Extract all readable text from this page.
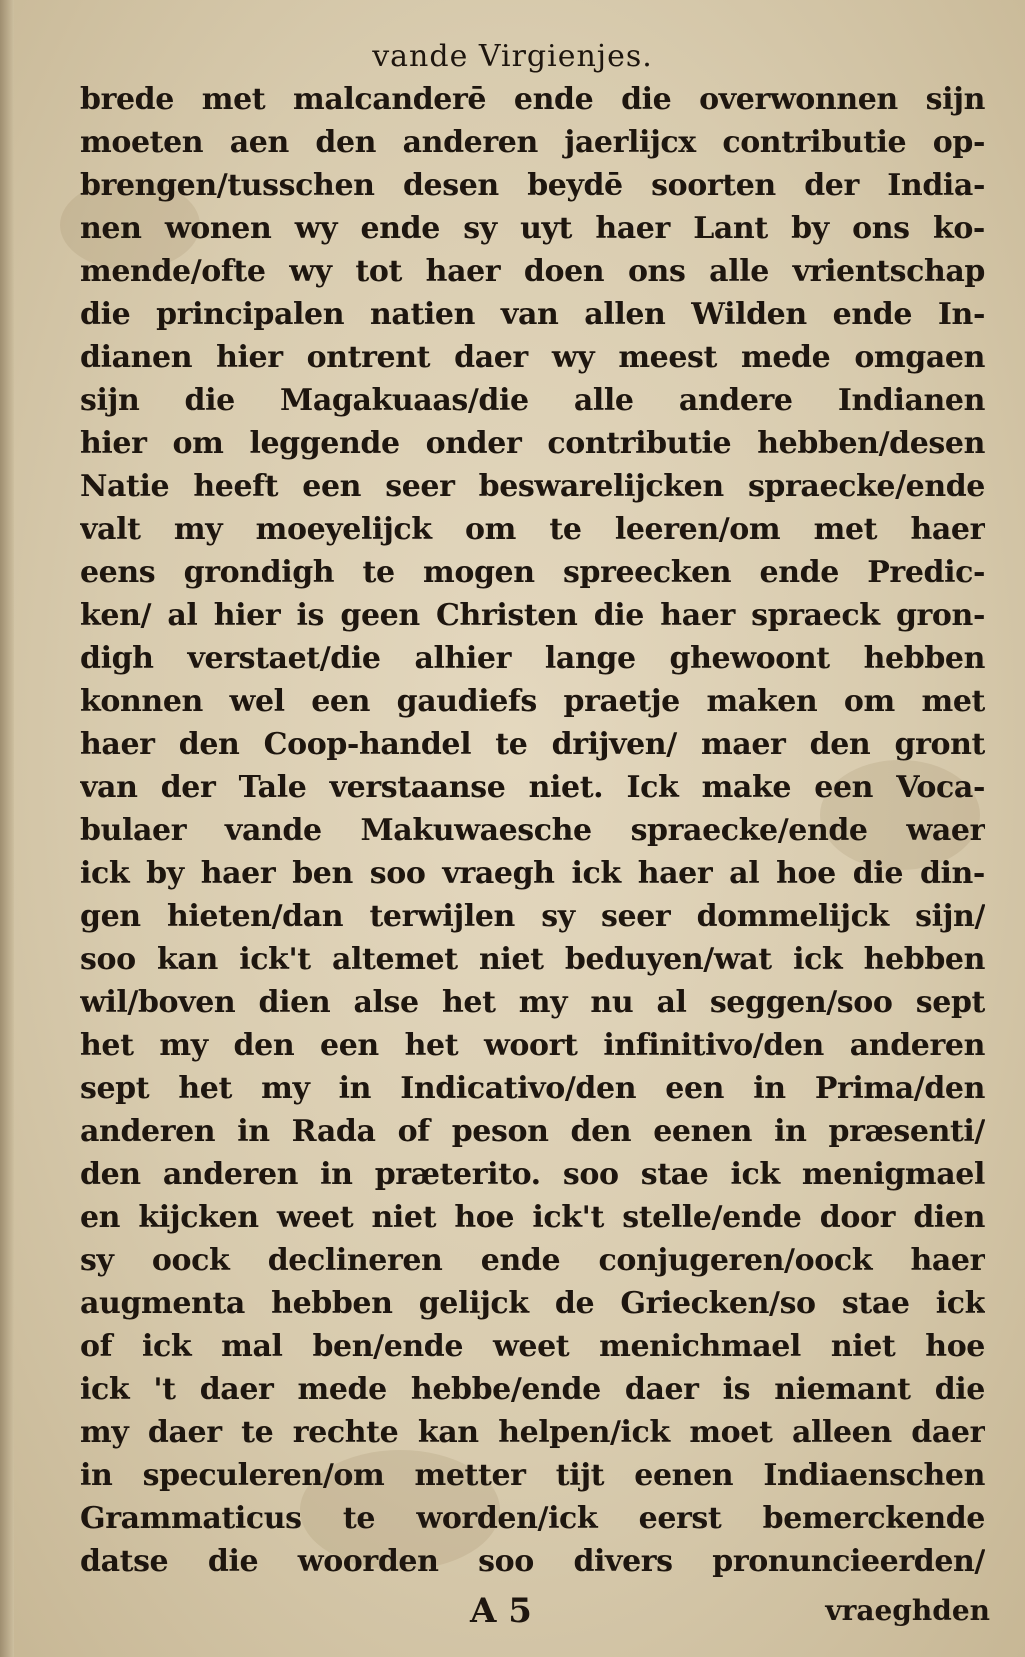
vande Virgienjes.
brede met malcanderē ende die overwonnen sijn
moeten aen den anderen jaerlijcx contributie op-
brengen/tusschen desen beydē soorten der India-
nen wonen wy ende sy uyt haer Lant by ons ko-
mende/ofte wy tot haer doen ons alle vrientschap
die principalen natien van allen Wilden ende In-
dianen hier ontrent daer wy meest mede omgaen
sijn die Magakuaas/die alle andere Indianen
hier om leggende onder contributie hebben/desen
Natie heeft een seer beswarelijcken spraecke/ende
valt my moeyelijck om te leeren/om met haer
eens grondigh te mogen spreecken ende Predic-
ken/ al hier is geen Christen die haer spraeck gron-
digh verstaet/die alhier lange ghewoont hebben
konnen wel een gaudiefs praetje maken om met
haer den Coop-handel te drijven/ maer den gront
van der Tale verstaanse niet. Ick make een Voca-
bulaer vande Makuwaesche spraecke/ende waer
ick by haer ben soo vraegh ick haer al hoe die din-
gen hieten/dan terwijlen sy seer dommelijck sijn/
soo kan ick't altemet niet beduyen/wat ick hebben
wil/boven dien alse het my nu al seggen/soo sept
het my den een het woort infinitivo/den anderen
sept het my in Indicativo/den een in Prima/den
anderen in Rada of peson den eenen in præsenti/
den anderen in præterito. soo stae ick menigmael
en kijcken weet niet hoe ick't stelle/ende door dien
sy oock declineren ende conjugeren/oock haer
augmenta hebben gelijck de Griecken/so stae ick
of ick mal ben/ende weet menichmael niet hoe
ick 't daer mede hebbe/ende daer is niemant die
my daer te rechte kan helpen/ick moet alleen daer
in speculeren/om metter tijt eenen Indiaenschen
Grammaticus te worden/ick eerst bemerckende
datse die woorden soo divers pronuncieerden/
A 5	vraeghden
